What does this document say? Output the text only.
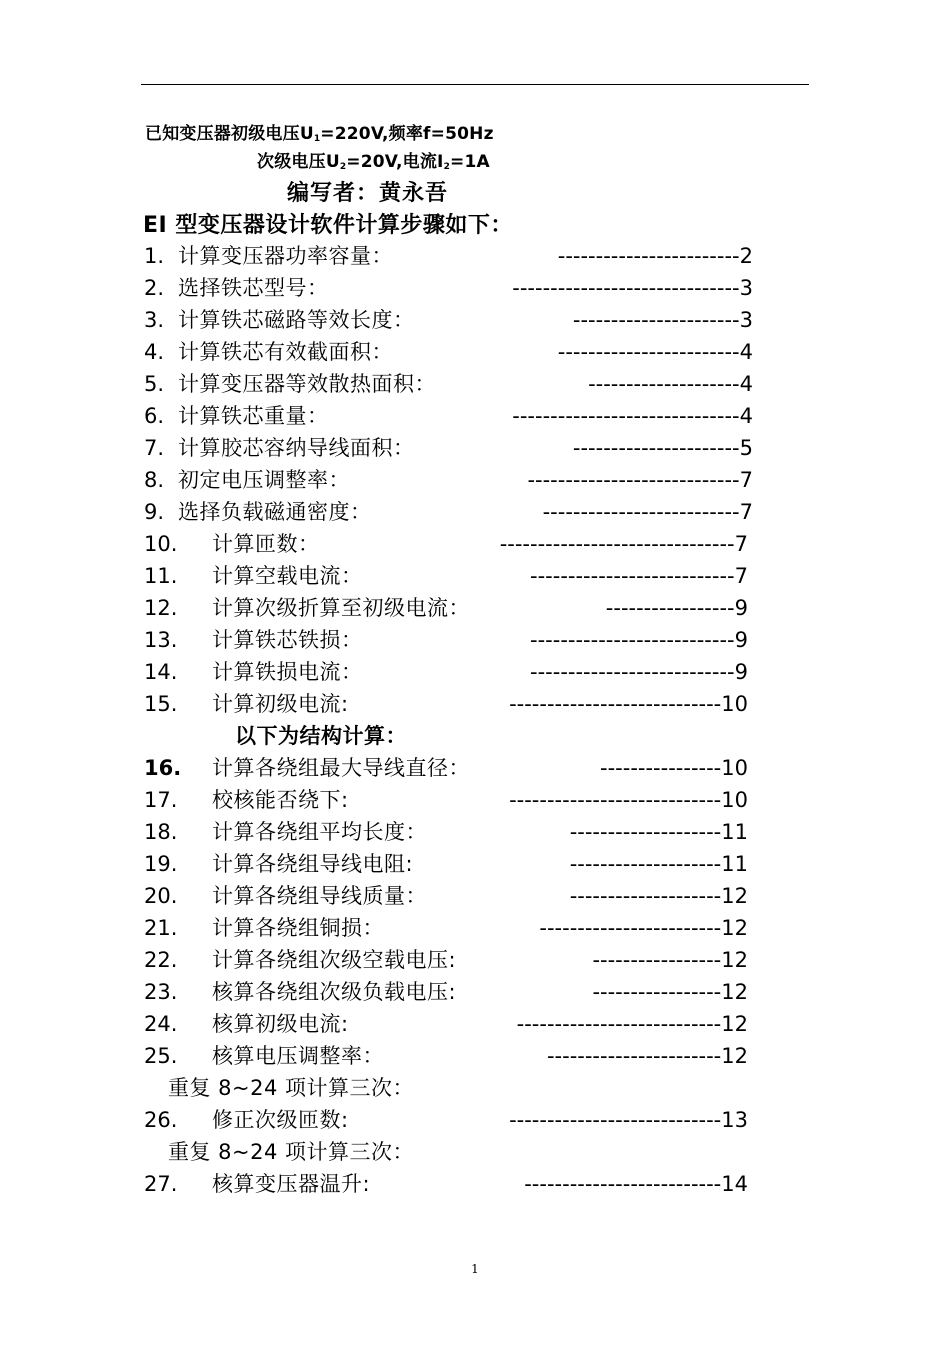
已知变压器初级电压$U_1=220V$,频率f=50Hz
次级电压$U_2=20V$,电流$I_2=1A$
编写者：黄永吾
EI 型变压器设计软件计算步骤如下：
1. 计算变压器功率容量：	------------------------2
2. 选择铁芯型号：	------------------------------3
3. 计算铁芯磁路等效长度：	----------------------3
4. 计算铁芯有效截面积：	------------------------4
5. 计算变压器等效散热面积：	--------------------4
6. 计算铁芯重量：	------------------------------4
7. 计算胶芯容纳导线面积：	----------------------5
8. 初定电压调整率：	----------------------------7
9. 选择负载磁通密度：	--------------------------7
10. 计算匝数：	-------------------------------7
11. 计算空载电流：	---------------------------7
12. 计算次级折算至初级电流：	-----------------9
13. 计算铁芯铁损：	---------------------------9
14. 计算铁损电流：	---------------------------9
15. 计算初级电流:	----------------------------10
以下为结构计算：
16. 计算各绕组最大导线直径：	----------------10
17. 校核能否绕下:	----------------------------10
18. 计算各绕组平均长度：	--------------------11
19. 计算各绕组导线电阻:	--------------------11
20. 计算各绕组导线质量：	--------------------12
21. 计算各绕组铜损：	------------------------12
22. 计算各绕组次级空载电压:	-----------------12
23. 核算各绕组次级负载电压:	-----------------12
24. 核算初级电流:	---------------------------12
25. 核算电压调整率：	-----------------------12
重复 8~24 项计算三次：
26. 修正次级匝数:	----------------------------13
重复 8~24 项计算三次：
27. 核算变压器温升:	--------------------------14
1
